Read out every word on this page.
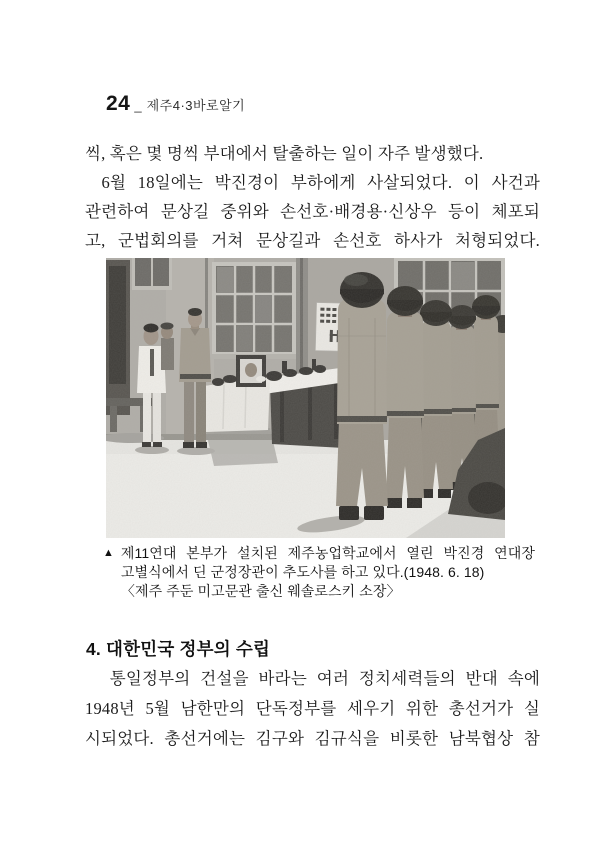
24 _ 제주4·3바로알기
씩, 혹은 몇 명씩 부대에서 탈출하는 일이 자주 발생했다.
6월 18일에는 박진경이 부하에게 사살되었다. 이 사건과
관련하여 문상길 중위와 손선호·배경용·신상우 등이 체포되
고, 군법회의를 거쳐 문상길과 손선호 하사가 처형되었다.
▲ 제11연대 본부가 설치된 제주농업학교에서 열린 박진경 연대장
고별식에서 딘 군정장관이 추도사를 하고 있다.(1948. 6. 18)
〈제주 주둔 미고문관 출신 웨솔로스키 소장〉
4. 대한민국 정부의 수립
통일정부의 건설을 바라는 여러 정치세력들의 반대 속에
1948년 5월 남한만의 단독정부를 세우기 위한 총선거가 실
시되었다. 총선거에는 김구와 김규식을 비롯한 남북협상 참
